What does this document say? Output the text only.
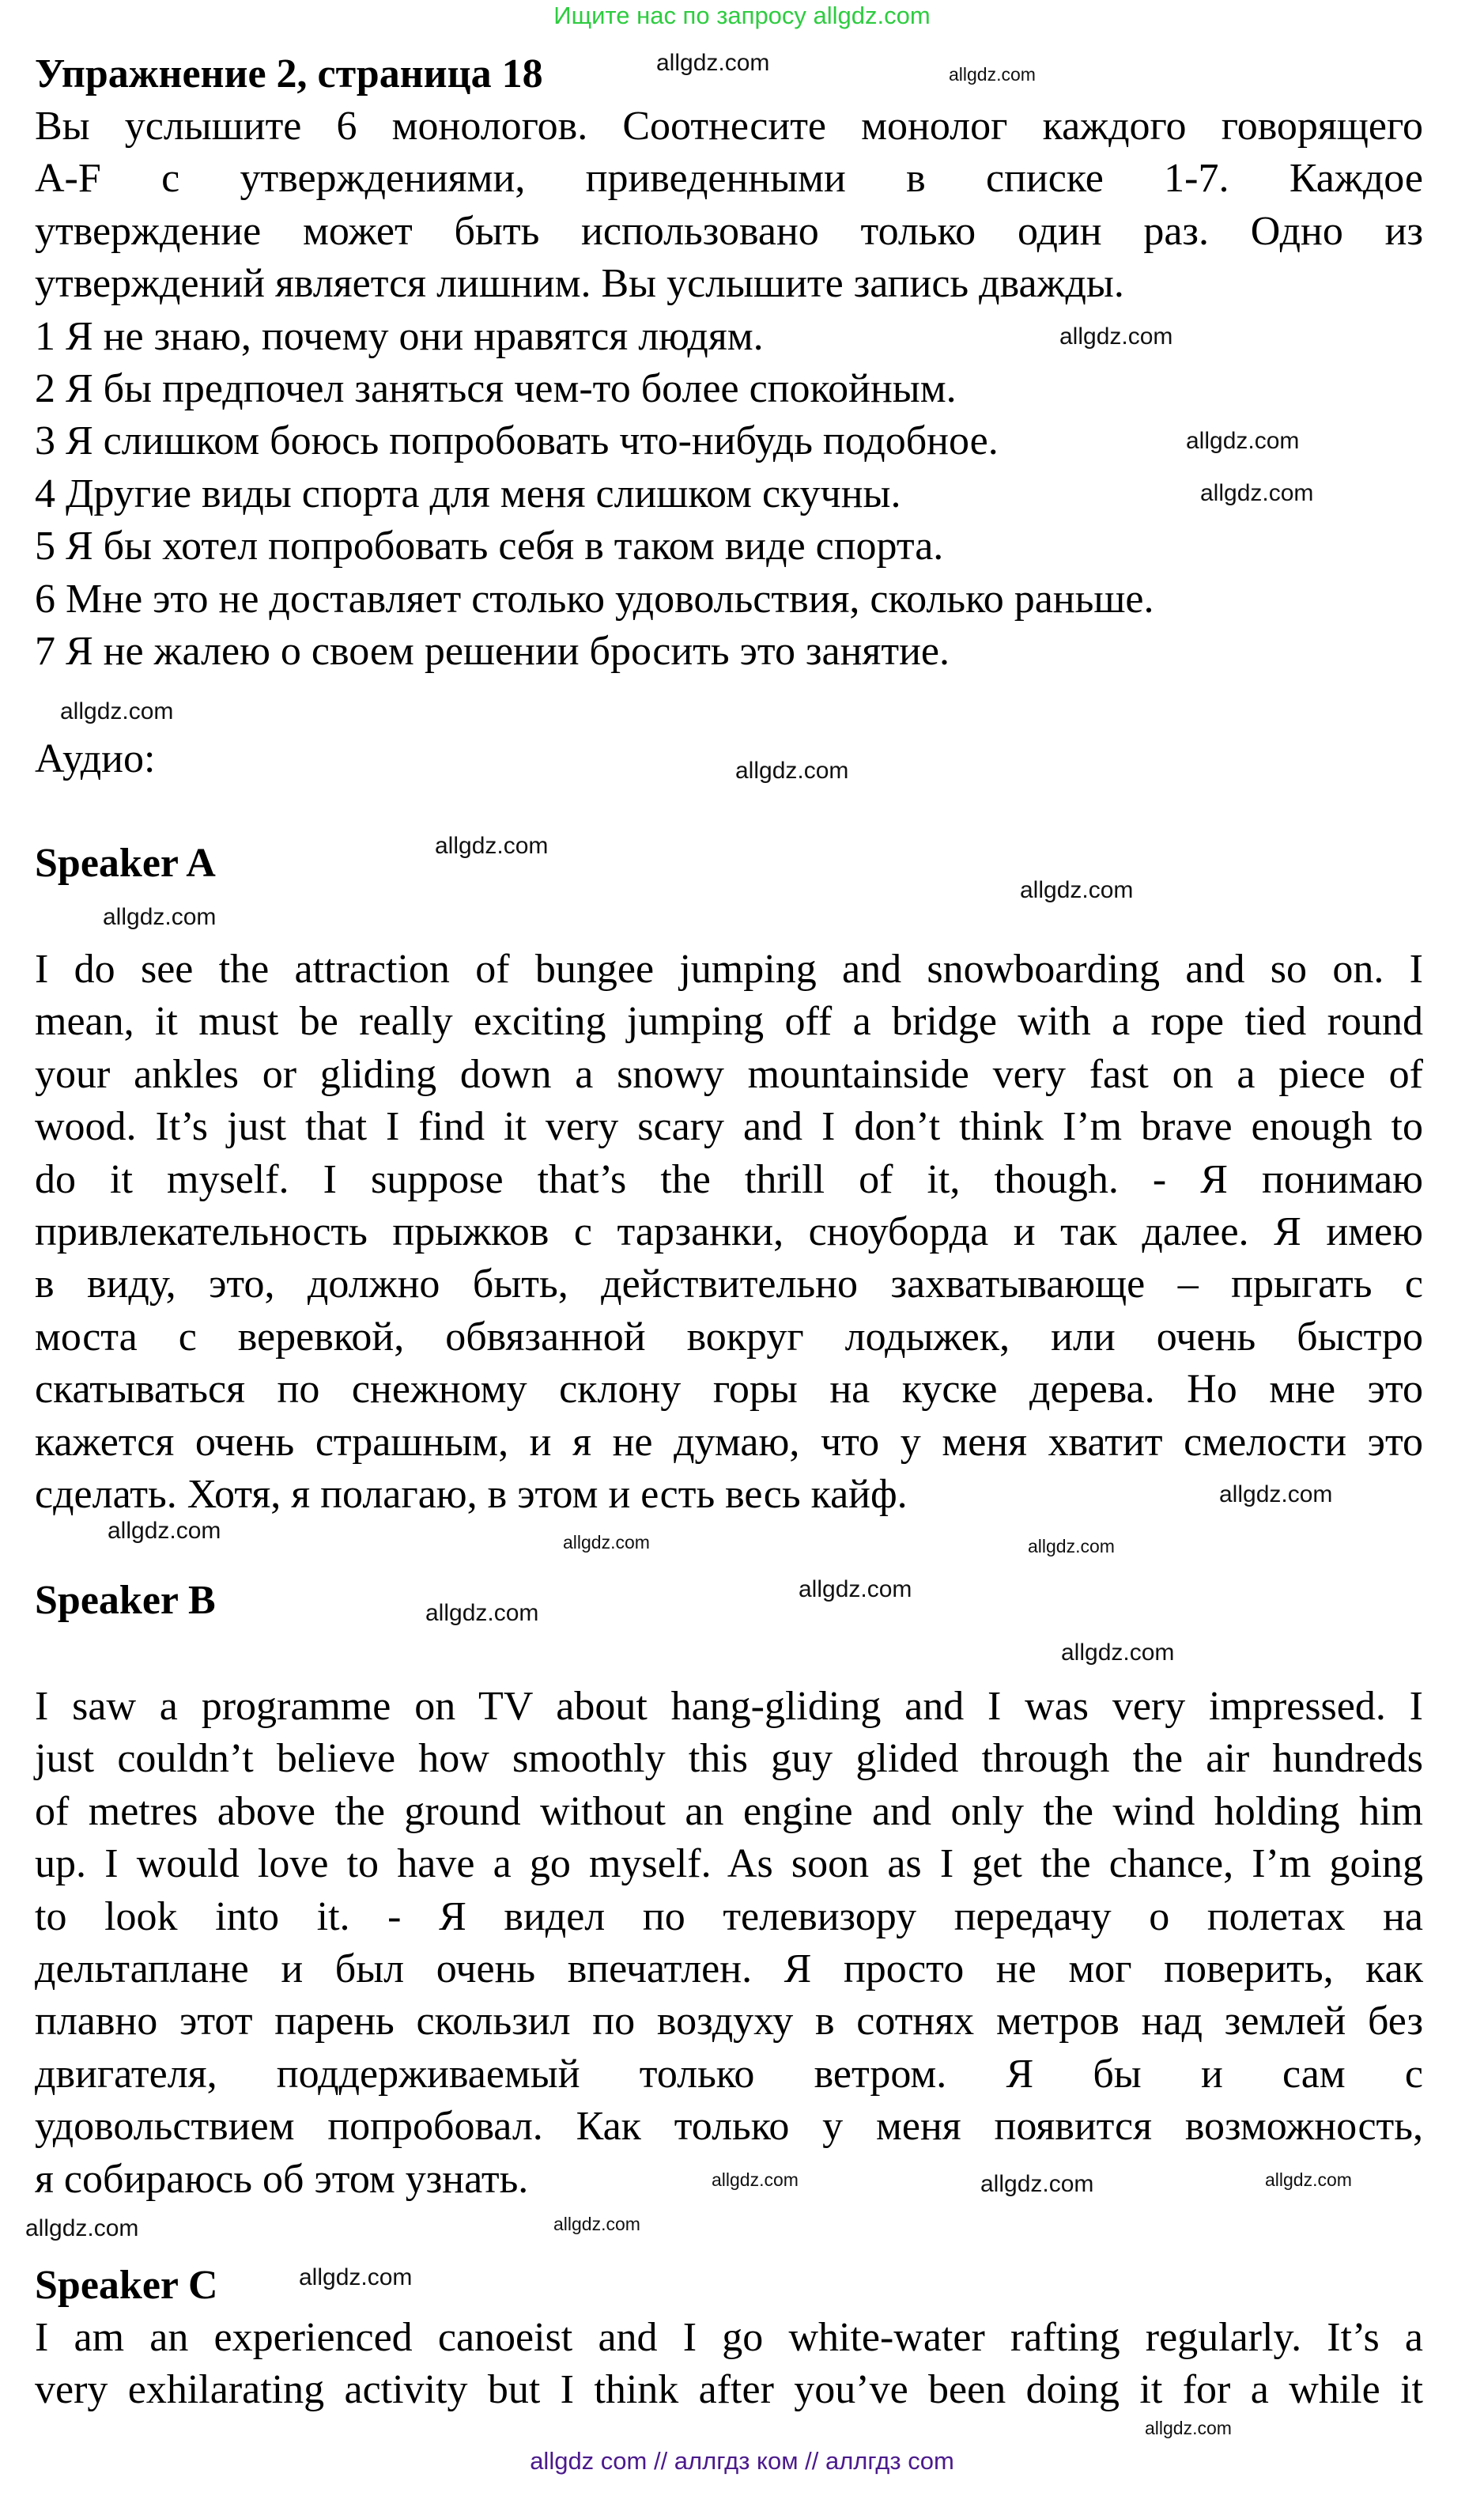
Ищите нас по запросу allgdz.com
Упражнение 2, страница 18
Вы услышите 6 монологов. Соотнесите монолог каждого говорящего
A-F с утверждениями, приведенными в списке 1-7. Каждое
утверждение может быть использовано только один раз. Одно из
утверждений является лишним. Вы услышите запись дважды.
1 Я не знаю, почему они нравятся людям.
2 Я бы предпочел заняться чем-то более спокойным.
3 Я слишком боюсь попробовать что-нибудь подобное.
4 Другие виды спорта для меня слишком скучны.
5 Я бы хотел попробовать себя в таком виде спорта.
6 Мне это не доставляет столько удовольствия, сколько раньше.
7 Я не жалею о своем решении бросить это занятие.
Аудио:
Speaker A
I do see the attraction of bungee jumping and snowboarding and so on. I
mean, it must be really exciting jumping off a bridge with a rope tied round
your ankles or gliding down a snowy mountainside very fast on a piece of
wood. It’s just that I find it very scary and I don’t think I’m brave enough to
do it myself. I suppose that’s the thrill of it, though. - Я понимаю
привлекательность прыжков с тарзанки, сноуборда и так далее. Я имею
в виду, это, должно быть, действительно захватывающе – прыгать с
моста с веревкой, обвязанной вокруг лодыжек, или очень быстро
скатываться по снежному склону горы на куске дерева. Но мне это
кажется очень страшным, и я не думаю, что у меня хватит смелости это
сделать. Хотя, я полагаю, в этом и есть весь кайф.
Speaker B
I saw a programme on TV about hang-gliding and I was very impressed. I
just couldn’t believe how smoothly this guy glided through the air hundreds
of metres above the ground without an engine and only the wind holding him
up. I would love to have a go myself. As soon as I get the chance, I’m going
to look into it. - Я видел по телевизору передачу о полетах на
дельтаплане и был очень впечатлен. Я просто не мог поверить, как
плавно этот парень скользил по воздуху в сотнях метров над землей без
двигателя, поддерживаемый только ветром. Я бы и сам с
удовольствием попробовал. Как только у меня появится возможность,
я собираюсь об этом узнать.
Speaker C
I am an experienced canoeist and I go white-water rafting regularly. It’s a
very exhilarating activity but I think after you’ve been doing it for a while it
allgdz.com	allgdz.com
allgdz.com
allgdz.com
allgdz.com
allgdz.com
allgdz.com
allgdz.com
allgdz.com
allgdz.com
allgdz.com
allgdz.com
allgdz.com
allgdz.com
allgdz.com
allgdz.com
allgdz.com
allgdz.com
allgdz.com
allgdz.com
allgdz.com
allgdz.com
allgdz.com
allgdz.com
allgdz com // аллгдз ком // аллгдз com
